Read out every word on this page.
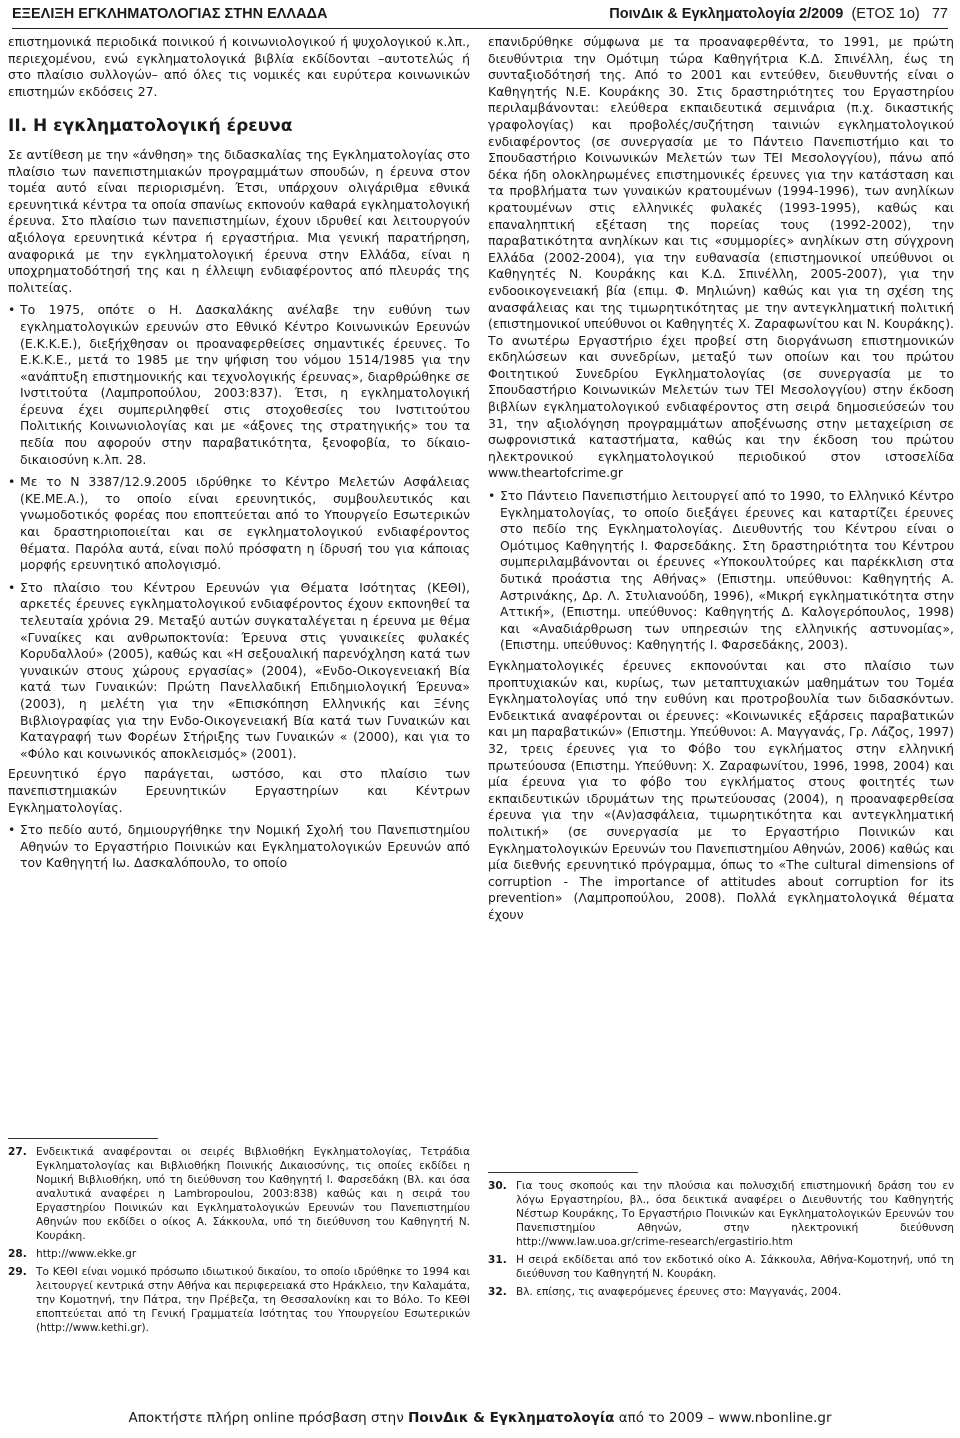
ΕΞΕΛΙΞΗ ΕΓΚΛΗΜΑΤΟΛΟΓΙΑΣ ΣΤΗΝ ΕΛΛΑΔΑ	ΠοινΔικ & Εγκληματολογία 2/2009 (ΕΤΟΣ 1ο) 77

επιστημονικά περιοδικά ποινικού ή κοινωνιολογικού ή ψυχολογικού κ.λπ., περιεχομένου, ενώ εγκληματολογικά βιβλία εκδίδονται –αυτοτελώς ή στο πλαίσιο συλλογών– από όλες τις νομικές και ευρύτερα κοινωνικών επιστημών εκδόσεις 27.

ΙΙ. Η εγκληματολογική έρευνα

Σε αντίθεση με την «άνθηση» της διδασκαλίας της Εγκληματολογίας στο πλαίσιο των πανεπιστημιακών προγραμμάτων σπουδών, η έρευνα στον τομέα αυτό είναι περιορισμένη. Έτσι, υπάρχουν ολιγάριθμα εθνικά ερευνητικά κέντρα τα οποία σπανίως εκπονούν καθαρά εγκληματολογική έρευνα. Στο πλαίσιο των πανεπιστημίων, έχουν ιδρυθεί και λειτουργούν αξιόλογα ερευνητικά κέντρα ή εργαστήρια. Μια γενική παρατήρηση, αναφορικά με την εγκληματολογική έρευνα στην Ελλάδα, είναι η υποχρηματοδότησή της και η έλλειψη ενδιαφέροντος από πλευράς της πολιτείας.

• Το 1975, οπότε ο Η. Δασκαλάκης ανέλαβε την ευθύνη των εγκληματολογικών ερευνών στο Εθνικό Κέντρο Κοινωνικών Ερευνών (Ε.Κ.Κ.Ε.), διεξήχθησαν οι προαναφερθείσες σημαντικές έρευνες. Το Ε.Κ.Κ.Ε., μετά το 1985 με την ψήφιση του νόμου 1514/1985 για την «ανάπτυξη επιστημονικής και τεχνολογικής έρευνας», διαρθρώθηκε σε Ινστιτούτα (Λαμπροπούλου, 2003:837). Έτσι, η εγκληματολογική έρευνα έχει συμπεριληφθεί στις στοχοθεσίες του Ινστιτούτου Πολιτικής Κοινωνιολογίας και με «άξονες της στρατηγικής» του τα πεδία που αφορούν στην παραβατικότητα, ξενοφοβία, το δίκαιο-δικαιοσύνη κ.λπ. 28.
• Με το Ν 3387/12.9.2005 ιδρύθηκε το Κέντρο Μελετών Ασφάλειας (ΚΕ.ΜΕ.Α.), το οποίο είναι ερευνητικός, συμβουλευτικός και γνωμοδοτικός φορέας που εποπτεύεται από το Υπουργείο Εσωτερικών και δραστηριοποιείται και σε εγκληματολογικού ενδιαφέροντος θέματα. Παρόλα αυτά, είναι πολύ πρόσφατη η ίδρυσή του για κάποιας μορφής ερευνητικό απολογισμό.
• Στο πλαίσιο του Κέντρου Ερευνών για Θέματα Ισότητας (ΚΕΘΙ), αρκετές έρευνες εγκληματολογικού ενδιαφέροντος έχουν εκπονηθεί τα τελευταία χρόνια 29. Μεταξύ αυτών συγκαταλέγεται η έρευνα με θέμα «Γυναίκες και ανθρωποκτονία: Έρευνα στις γυναικείες φυλακές Κορυδαλλού» (2005), καθώς και «Η σεξουαλική παρενόχληση κατά των γυναικών στους χώρους εργασίας» (2004), «Ενδο-Οικογενειακή Βία κατά των Γυναικών: Πρώτη Πανελλαδική Επιδημιολογική Έρευνα» (2003), η μελέτη για την «Επισκόπηση Ελληνικής και Ξένης Βιβλιογραφίας για την Ενδο-Οικογενειακή Βία κατά των Γυναικών και Καταγραφή των Φορέων Στήριξης των Γυναικών « (2000), και για το «Φύλο και κοινωνικός αποκλεισμός» (2001).

Ερευνητικό έργο παράγεται, ωστόσο, και στο πλαίσιο των πανεπιστημιακών Ερευνητικών Εργαστηρίων και Κέντρων Εγκληματολογίας.

• Στο πεδίο αυτό, δημιουργήθηκε την Νομική Σχολή του Πανεπιστημίου Αθηνών το Εργαστήριο Ποινικών και Εγκληματολογικών Ερευνών από τον Καθηγητή Ιω. Δασκαλόπουλο, το οποίο

επανιδρύθηκε σύμφωνα με τα προαναφερθέντα, το 1991, με πρώτη διευθύντρια την Ομότιμη τώρα Καθηγήτρια Κ.Δ. Σπινέλλη, έως τη συνταξιοδότησή της. Από το 2001 και εντεύθεν, διευθυντής είναι ο Καθηγητής Ν.Ε. Κουράκης 30. Στις δραστηριότητες του Εργαστηρίου περιλαμβάνονται: ελεύθερα εκπαιδευτικά σεμινάρια (π.χ. δικαστικής γραφολογίας) και προβολές/συζήτηση ταινιών εγκληματολογικού ενδιαφέροντος (σε συνεργασία με το Πάντειο Πανεπιστήμιο και το Σπουδαστήριο Κοινωνικών Μελετών των ΤΕΙ Μεσολογγίου), πάνω από δέκα ήδη ολοκληρωμένες επιστημονικές έρευνες για την κατάσταση και τα προβλήματα των γυναικών κρατουμένων (1994-1996), των ανηλίκων κρατουμένων στις ελληνικές φυλακές (1993-1995), καθώς και επαναληπτική εξέταση της πορείας τους (1992-2002), την παραβατικότητα ανηλίκων και τις «συμμορίες» ανηλίκων στη σύγχρονη Ελλάδα (2002-2004), για την ευθανασία (επιστημονικοί υπεύθυνοι οι Καθηγητές Ν. Κουράκης και Κ.Δ. Σπινέλλη, 2005-2007), για την ενδοοικογενειακή βία (επιμ. Φ. Μηλιώνη) καθώς και για τη σχέση της ανασφάλειας και της τιμωρητικότητας με την αντεγκληματική πολιτική (επιστημονικοί υπεύθυνοι οι Καθηγητές Χ. Ζαραφωνίτου και Ν. Κουράκης). Το ανωτέρω Εργαστήριο έχει προβεί στη διοργάνωση επιστημονικών εκδηλώσεων και συνεδρίων, μεταξύ των οποίων και του πρώτου Φοιτητικού Συνεδρίου Εγκληματολογίας (σε συνεργασία με το Σπουδαστήριο Κοινωνικών Μελετών των ΤΕΙ Μεσολογγίου) στην έκδοση βιβλίων εγκληματολογικού ενδιαφέροντος στη σειρά δημοσιεύσεών του 31, την αξιολόγηση προγραμμάτων αποξένωσης στην μεταχείριση σε σωφρονιστικά καταστήματα, καθώς και την έκδοση του πρώτου ηλεκτρονικού εγκληματολογικού περιοδικού στον ιστοσελίδα www.theartofcrime.gr

• Στο Πάντειο Πανεπιστήμιο λειτουργεί από το 1990, το Ελληνικό Κέντρο Εγκληματολογίας, το οποίο διεξάγει έρευνες και καταρτίζει έρευνες στο πεδίο της Εγκληματολογίας. Διευθυντής του Κέντρου είναι ο Ομότιμος Καθηγητής Ι. Φαρσεδάκης. Στη δραστηριότητα του Κέντρου συμπεριλαμβάνονται οι έρευνες «Υποκουλτούρες και παρέκκλιση στα δυτικά προάστια της Αθήνας» (Επιστημ. υπεύθυνοι: Καθηγητής Α. Αστρινάκης, Δρ. Λ. Στυλιανούδη, 1996), «Μικρή εγκληματικότητα στην Αττική», (Επιστημ. υπεύθυνος: Καθηγητής Δ. Καλογερόπουλος, 1998) και «Αναδιάρθρωση των υπηρεσιών της ελληνικής αστυνομίας», (Επιστημ. υπεύθυνος: Καθηγητής Ι. Φαρσεδάκης, 2003).

Εγκληματολογικές έρευνες εκπονούνται και στο πλαίσιο των προπτυχιακών και, κυρίως, των μεταπτυχιακών μαθημάτων του Τομέα Εγκληματολογίας υπό την ευθύνη και προτροβουλία των διδασκόντων. Ενδεικτικά αναφέρονται οι έρευνες: «Κοινωνικές εξάρσεις παραβατικών και μη παραβατικών» (Επιστημ. Υπεύθυνοι: Α. Μαγγανάς, Γρ. Λάζος, 1997) 32, τρεις έρευνες για το Φόβο του εγκλήματος στην ελληνική πρωτεύουσα (Επιστημ. Υπεύθυνη: Χ. Ζαραφωνίτου, 1996, 1998, 2004) και μία έρευνα για το φόβο του εγκλήματος στους φοιτητές των εκπαιδευτικών ιδρυμάτων της πρωτεύουσας (2004), η προαναφερθείσα έρευνα για την «(Αν)ασφάλεια, τιμωρητικότητα και αντεγκληματική πολιτική» (σε συνεργασία με το Εργαστήριο Ποινικών και Εγκληματολογικών Ερευνών του Πανεπιστημίου Αθηνών, 2006) καθώς και μία διεθνής ερευνητικό πρόγραμμα, όπως το «The cultural dimensions of corruption - The importance of attitudes about corruption for its prevention» (Λαμπροπούλου, 2008). Πολλά εγκληματολογικά θέματα έχουν

27. Ενδεικτικά αναφέρονται οι σειρές Βιβλιοθήκη Εγκληματολογίας, Τετράδια Εγκληματολογίας και Βιβλιοθήκη Ποινικής Δικαιοσύνης, τις οποίες εκδίδει η Νομική Βιβλιοθήκη, υπό τη διεύθυνση του Καθηγητή Ι. Φαρσεδάκη (Βλ. και όσα αναλυτικά αναφέρει η Lambropoulou, 2003:838) καθώς και η σειρά του Εργαστηρίου Ποινικών και Εγκληματολογικών Ερευνών του Πανεπιστημίου Αθηνών που εκδίδει ο οίκος Α. Σάκκουλα, υπό τη διεύθυνση του Καθηγητή Ν. Κουράκη.
28. http://www.ekke.gr
29. Το ΚΕΘΙ είναι νομικό πρόσωπο ιδιωτικού δικαίου, το οποίο ιδρύθηκε το 1994 και λειτουργεί κεντρικά στην Αθήνα και περιφερειακά στο Ηράκλειο, την Καλαμάτα, την Κομοτηνή, την Πάτρα, την Πρέβεζα, τη Θεσσαλονίκη και το Βόλο. Το ΚΕΘΙ εποπτεύεται από τη Γενική Γραμματεία Ισότητας του Υπουργείου Εσωτερικών (http://www.kethi.gr).
30. Για τους σκοπούς και την πλούσια και πολυσχιδή επιστημονική δράση του εν λόγω Εργαστηρίου, βλ., όσα δεικτικά αναφέρει ο Διευθυντής του Καθηγητής Νέστωρ Κουράκης, Το Εργαστήριο Ποινικών και Εγκληματολογικών Ερευνών του Πανεπιστημίου Αθηνών, στην ηλεκτρονική διεύθυνση http://www.law.uoa.gr/crime-research/ergastirio.htm
31. Η σειρά εκδίδεται από τον εκδοτικό οίκο Α. Σάκκουλα, Αθήνα-Κομοτηνή, υπό τη διεύθυνση του Καθηγητή Ν. Κουράκη.
32. Βλ. επίσης, τις αναφερόμενες έρευνες στο: Μαγγανάς, 2004.
Αποκτήστε πλήρη online πρόσβαση στην ΠοινΔικ & Εγκληματολογία από το 2009 – www.nbonline.gr
